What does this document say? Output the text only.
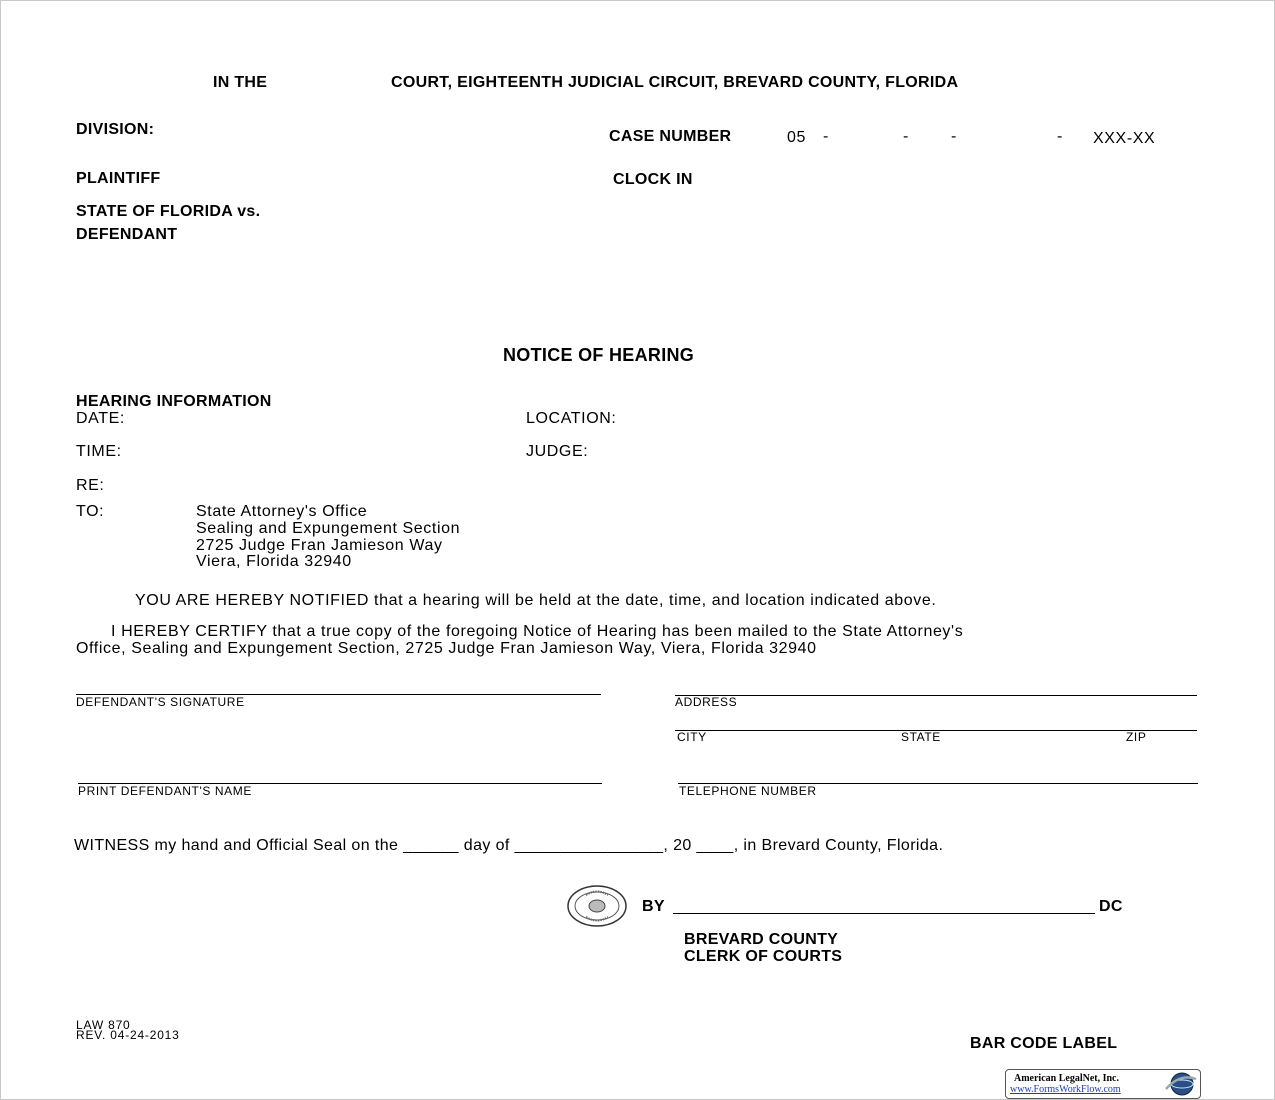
IN THE	COURT, EIGHTEENTH JUDICIAL CIRCUIT, BREVARD COUNTY, FLORIDA
DIVISION:	CASE NUMBER	05 -	-	-	- XXX-XX
PLAINTIFF	CLOCK IN
STATE OF FLORIDA vs.
DEFENDANT
NOTICE OF HEARING
HEARING INFORMATION
DATE:	LOCATION:
TIME:	JUDGE:
RE:
TO:	State Attorney's Office
Sealing and Expungement Section
2725 Judge Fran Jamieson Way
Viera, Florida 32940
YOU ARE HEREBY NOTIFIED that a hearing will be held at the date, time, and location indicated above.
I HEREBY CERTIFY that a true copy of the foregoing Notice of Hearing has been mailed to the State Attorney's
Office, Sealing and Expungement Section, 2725 Judge Fran Jamieson Way, Viera, Florida 32940
DEFENDANT'S SIGNATURE	ADDRESS
CITY	STATE	ZIP
PRINT DEFENDANT'S NAME	TELEPHONE NUMBER
WITNESS my hand and Official Seal on the ______ day of ________________, 20 ____, in Brevard County, Florida.
BY	DC
BREVARD COUNTY
CLERK OF COURTS
LAW 870
REV. 04-24-2013	BAR CODE LABEL
American LegalNet, Inc.
www.FormsWorkFlow.com
